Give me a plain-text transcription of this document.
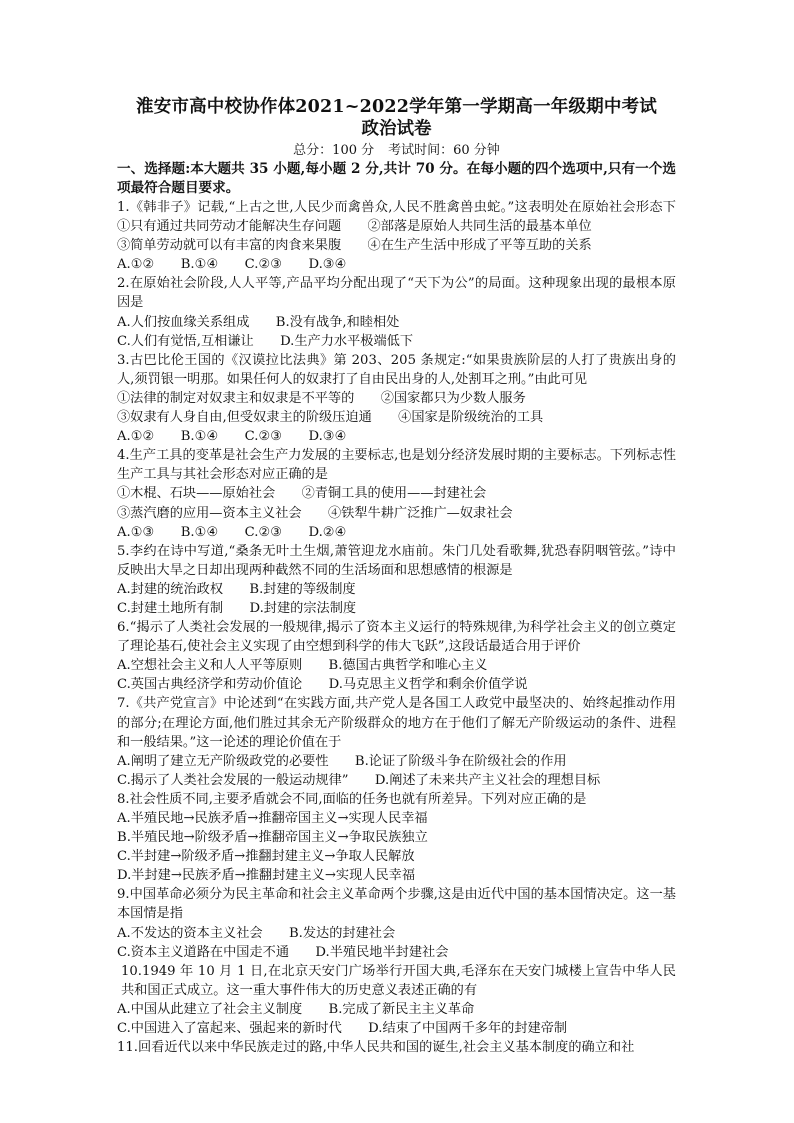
淮安市高中校协作体2021~2022学年第一学期高一年级期中考试

政治试卷

总分：100 分 考试时间：60 分钟

一、选择题:本大题共 35 小题,每小题 2 分,共计 70 分。在每小题的四个选项中,只有一个选项最符合题目要求。

1.《韩非子》记载,“上古之世,人民少而禽兽众,人民不胜禽兽虫蛇。”这表明处在原始社会形态下①只有通过共同劳动才能解决生存问题　　②部落是原始人共同生活的最基本单位

③简单劳动就可以有丰富的肉食来果腹　　④在生产生活中形成了平等互助的关系

A.①②　　B.①④　　C.②③　　D.③④

2.在原始社会阶段,人人平等,产品平均分配出现了“天下为公”的局面。这种现象出现的最根本原因是

A.人们按血缘关系组成　　B.没有战争,和睦相处

C.人们有觉悟,互相谦让　　D.生产力水平极端低下

3.古巴比伦王国的《汉谟拉比法典》第 203、205 条规定:“如果贵族阶层的人打了贵族出身的人,须罚银一明那。如果任何人的奴隶打了自由民出身的人,处割耳之刑。”由此可见

①法律的制定对奴隶主和奴隶是不平等的　　②国家都只为少数人服务

③奴隶有人身自由,但受奴隶主的阶级压迫通　　④国家是阶级统治的工具

A.①②　　B.①④　　C.②③　　D.③④

4.生产工具的变革是社会生产力发展的主要标志,也是划分经济发展时期的主要标志。下列标志性生产工具与其社会形态对应正确的是

①木棍、石块——原始社会　　②青铜工具的使用——封建社会

③蒸汽磨的应用—资本主义社会　　④铁犁牛耕广泛推广—奴隶社会

A.①③　　B.①④　　C.②③　　D.②④

5.李约在诗中写道,“桑条无叶土生烟,萧管迎龙水庙前。朱门几处看歌舞,犹恐春阴咽管弦。”诗中反映出大旱之日却出现两种截然不同的生活场面和思想感情的根源是

A.封建的统治政权　　B.封建的等级制度

C.封建土地所有制　　D.封建的宗法制度

6.“揭示了人类社会发展的一般规律,揭示了资本主义运行的特殊规律,为科学社会主义的创立奠定了理论基石,使社会主义实现了由空想到科学的伟大飞跃”,这段话最适合用于评价

A.空想社会主义和人人平等原则　　B.德国古典哲学和唯心主义

C.英国古典经济学和劳动价值论　　D.马克思主义哲学和剩余价值学说

7.《共产党宣言》中论述到“在实践方面,共产党人是各国工人政党中最坚决的、始终起推动作用的部分;在理论方面,他们胜过其余无产阶级群众的地方在于他们了解无产阶级运动的条件、进程和一般结果。”这一论述的理论价值在于

A.阐明了建立无产阶级政党的必要性　　B.论证了阶级斗争在阶级社会的作用

C.揭示了人类社会发展的一般运动规律”　　D.阐述了未来共产主义社会的理想目标

8.社会性质不同,主要矛盾就会不同,面临的任务也就有所差异。下列对应正确的是

A.半殖民地→民族矛盾→推翻帝国主义→实现人民幸福

B.半殖民地→阶级矛盾→推翻帝国主义→争取民族独立

C.半封建→阶级矛盾→推翻封建主义→争取人民解放

D.半封建→民族矛盾→推翻封建主义→实现人民幸福

9.中国革命必须分为民主革命和社会主义革命两个步骤,这是由近代中国的基本国情决定。这一基本国情是指

A.不发达的资本主义社会　　B.发达的封建社会

C.资本主义道路在中国走不通　　D.半殖民地半封建社会

10.1949 年 10 月 1 日,在北京天安门广场举行开国大典,毛泽东在天安门城楼上宣告中华人民共和国正式成立。这一重大事件伟大的历史意义表述正确的有

A.中国从此建立了社会主义制度　　B.完成了新民主主义革命

C.中国进入了富起来、强起来的新时代　　D.结束了中国两千多年的封建帝制

11.回看近代以来中华民族走过的路,中华人民共和国的诞生,社会主义基本制度的确立和社
